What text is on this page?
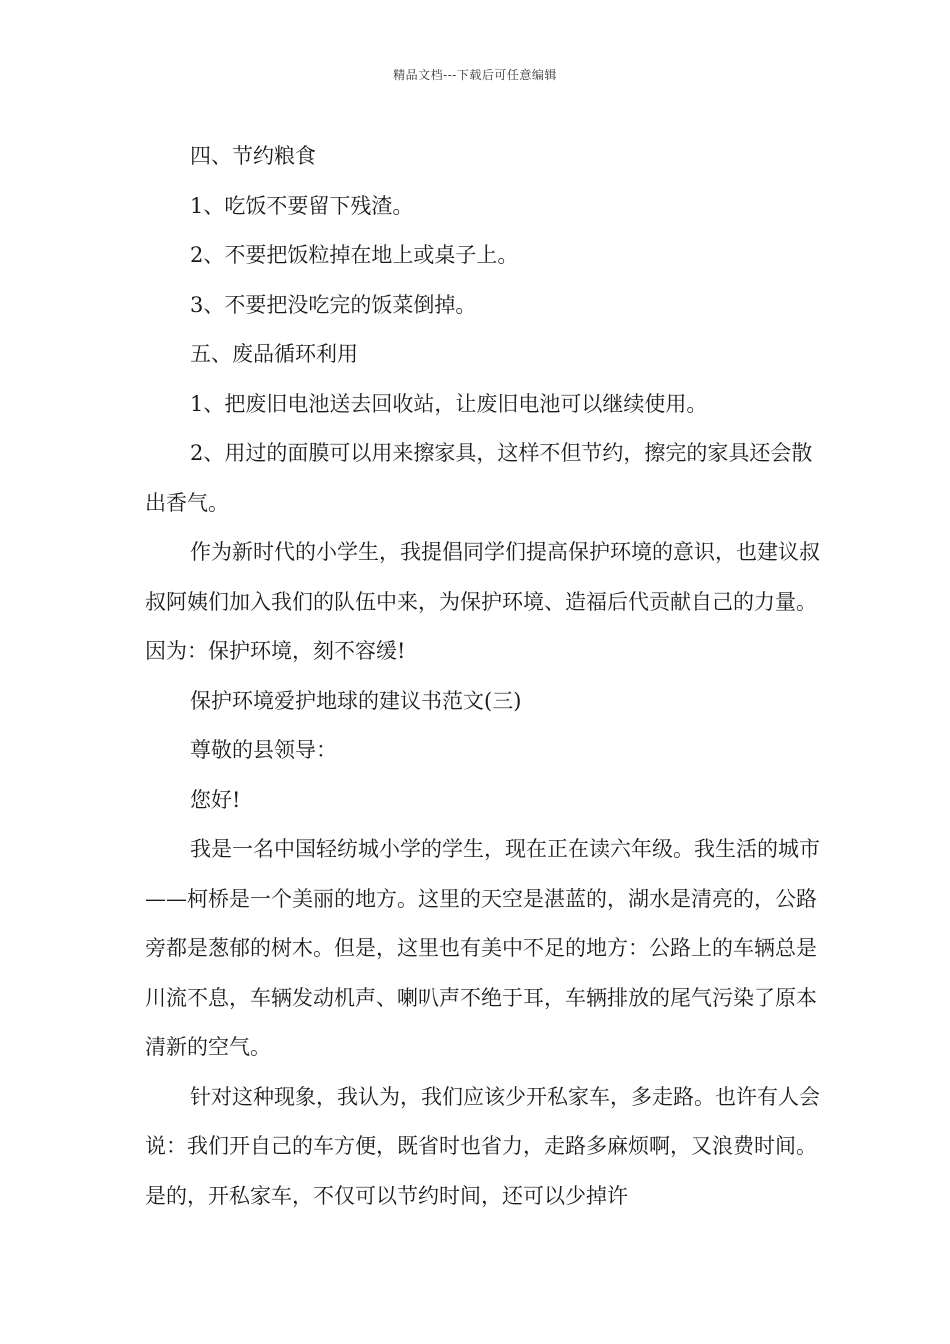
精品文档---下载后可任意编辑

四、节约粮食

1、吃饭不要留下残渣。

2、不要把饭粒掉在地上或桌子上。

3、不要把没吃完的饭菜倒掉。

五、废品循环利用

1、把废旧电池送去回收站，让废旧电池可以继续使用。

2、用过的面膜可以用来擦家具，这样不但节约，擦完的家具还会散出香气。

作为新时代的小学生，我提倡同学们提高保护环境的意识，也建议叔叔阿姨们加入我们的队伍中来，为保护环境、造福后代贡献自己的力量。因为：保护环境，刻不容缓!

保护环境爱护地球的建议书范文(三)

尊敬的县领导：

您好!

我是一名中国轻纺城小学的学生，现在正在读六年级。我生活的城市——柯桥是一个美丽的地方。这里的天空是湛蓝的，湖水是清亮的，公路旁都是葱郁的树木。但是，这里也有美中不足的地方：公路上的车辆总是川流不息，车辆发动机声、喇叭声不绝于耳，车辆排放的尾气污染了原本清新的空气。

针对这种现象，我认为，我们应该少开私家车，多走路。也许有人会说：我们开自己的车方便，既省时也省力，走路多麻烦啊，又浪费时间。是的，开私家车，不仅可以节约时间，还可以少掉许
